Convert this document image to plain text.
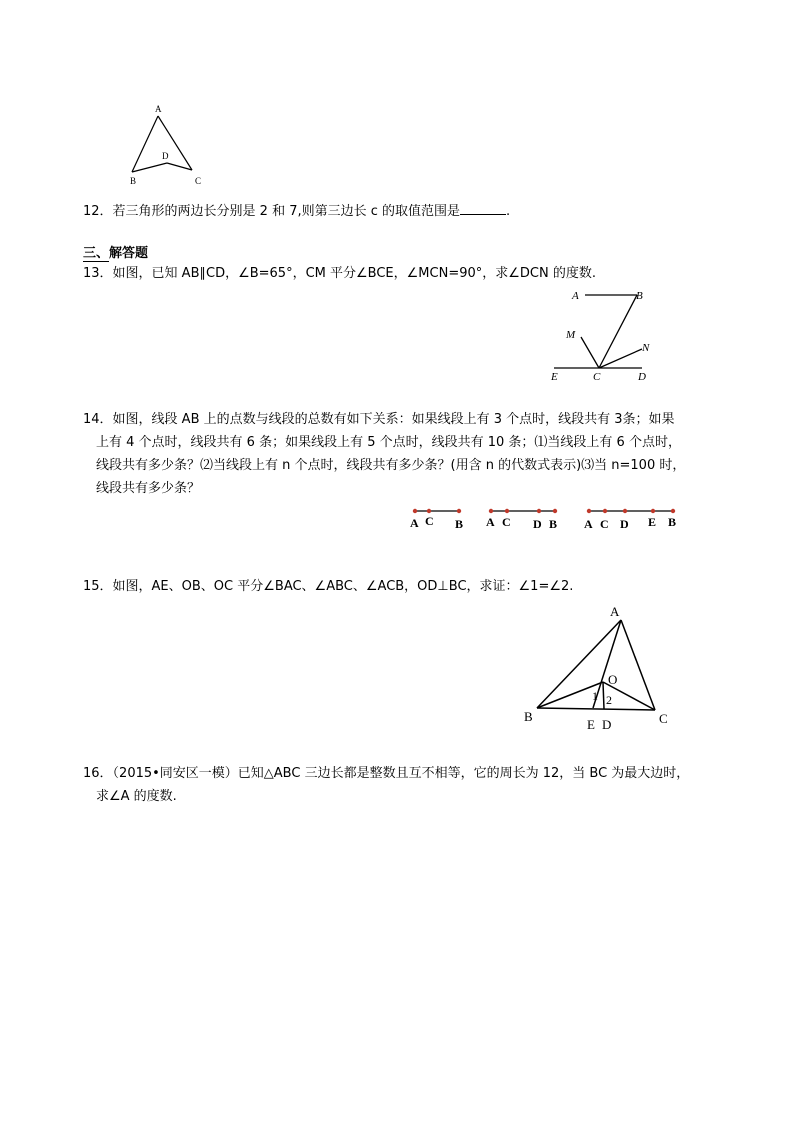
A
B	C
D
12．若三角形的两边长分别是 2 和 7,则第三边长 c 的取值范围是	.
三、解答题
13．如图，已知 AB∥CD，∠B=65°，CM 平分∠BCE，∠MCN=90°，求∠DCN 的度数.
A	B
M
N
E	C	D
14．如图，线段 AB 上的点数与线段的总数有如下关系：如果线段上有 3 个点时，线段共有 3条；如果
上有 4 个点时，线段共有 6 条；如果线段上有 5 个点时，线段共有 10 条；⑴当线段上有 6 个点时，
线段共有多少条？⑵当线段上有 n 个点时，线段共有多少条？(用含 n 的代数式表示)⑶当 n=100 时，
线段共有多少条？
A C B A C D B A C D E B
15．如图，AE、OB、OC 平分∠BAC、∠ABC、∠ACB，OD⊥BC，求证：∠1=∠2.
A
O
1 2
B
E D	C
16．（2015•同安区一模）已知△ABC 三边长都是整数且互不相等，它的周长为 12，当 BC 为最大边时，
求∠A 的度数.
